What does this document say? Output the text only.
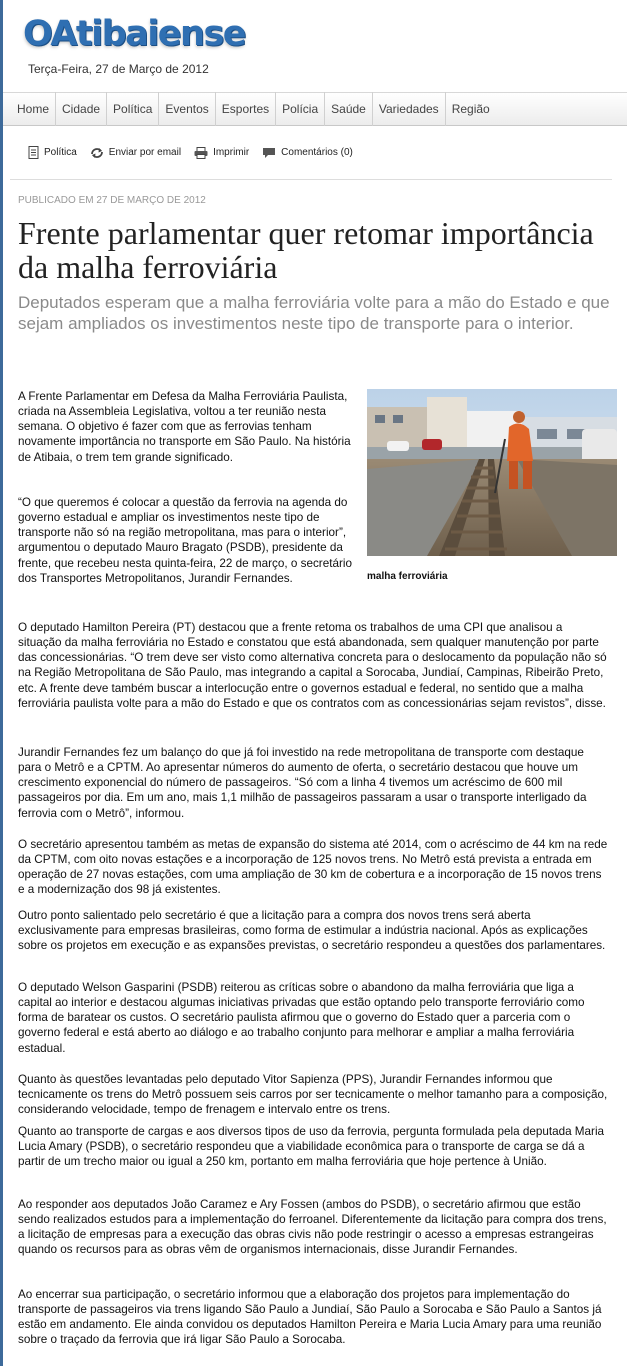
OAtibaiense
Terça-Feira, 27 de Março de 2012
Home	Cidade	Política	Eventos	Esportes	Polícia	Saúde	Variedades	Região
Política	Enviar por email	Imprimir	Comentários (0)
PUBLICADO EM 27 DE MARÇO DE 2012
Frente parlamentar quer retomar importância da malha ferroviária
Deputados esperam que a malha ferroviária volte para a mão do Estado e que sejam ampliados os investimentos neste tipo de transporte para o interior.
malha ferroviária

A Frente Parlamentar em Defesa da Malha Ferroviária Paulista, criada na Assembleia Legislativa, voltou a ter reunião nesta semana. O objetivo é fazer com que as ferrovias tenham novamente importância no transporte em São Paulo. Na história de Atibaia, o trem tem grande significado.

“O que queremos é colocar a questão da ferrovia na agenda do governo estadual e ampliar os investimentos neste tipo de transporte não só na região metropolitana, mas para o interior”, argumentou o deputado Mauro Bragato (PSDB), presidente da frente, que recebeu nesta quinta-feira, 22 de março, o secretário dos Transportes Metropolitanos, Jurandir Fernandes.

O deputado Hamilton Pereira (PT) destacou que a frente retoma os trabalhos de uma CPI que analisou a situação da malha ferroviária no Estado e constatou que está abandonada, sem qualquer manutenção por parte das concessionárias. “O trem deve ser visto como alternativa concreta para o deslocamento da população não só na Região Metropolitana de São Paulo, mas integrando a capital a Sorocaba, Jundiaí, Campinas, Ribeirão Preto, etc. A frente deve também buscar a interlocução entre o governos estadual e federal, no sentido que a malha ferroviária paulista volte para a mão do Estado e que os contratos com as concessionárias sejam revistos”, disse.

Jurandir Fernandes fez um balanço do que já foi investido na rede metropolitana de transporte com destaque para o Metrô e a CPTM. Ao apresentar números do aumento de oferta, o secretário destacou que houve um crescimento exponencial do número de passageiros. “Só com a linha 4 tivemos um acréscimo de 600 mil passageiros por dia. Em um ano, mais 1,1 milhão de passageiros passaram a usar o transporte interligado da ferrovia com o Metrô”, informou.

O secretário apresentou também as metas de expansão do sistema até 2014, com o acréscimo de 44 km na rede da CPTM, com oito novas estações e a incorporação de 125 novos trens. No Metrô está prevista a entrada em operação de 27 novas estações, com uma ampliação de 30 km de cobertura e a incorporação de 15 novos trens e a modernização dos 98 já existentes.

Outro ponto salientado pelo secretário é que a licitação para a compra dos novos trens será aberta exclusivamente para empresas brasileiras, como forma de estimular a indústria nacional. Após as explicações sobre os projetos em execução e as expansões previstas, o secretário respondeu a questões dos parlamentares.

O deputado Welson Gasparini (PSDB) reiterou as críticas sobre o abandono da malha ferroviária que liga a capital ao interior e destacou algumas iniciativas privadas que estão optando pelo transporte ferroviário como forma de baratear os custos. O secretário paulista afirmou que o governo do Estado quer a parceria com o governo federal e está aberto ao diálogo e ao trabalho conjunto para melhorar e ampliar a malha ferroviária estadual.

Quanto às questões levantadas pelo deputado Vitor Sapienza (PPS), Jurandir Fernandes informou que tecnicamente os trens do Metrô possuem seis carros por ser tecnicamente o melhor tamanho para a composição, considerando velocidade, tempo de frenagem e intervalo entre os trens.

Quanto ao transporte de cargas e aos diversos tipos de uso da ferrovia, pergunta formulada pela deputada Maria Lucia Amary (PSDB), o secretário respondeu que a viabilidade econômica para o transporte de carga se dá a partir de um trecho maior ou igual a 250 km, portanto em malha ferroviária que hoje pertence à União.

Ao responder aos deputados João Caramez e Ary Fossen (ambos do PSDB), o secretário afirmou que estão sendo realizados estudos para a implementação do ferroanel. Diferentemente da licitação para compra dos trens, a licitação de empresas para a execução das obras civis não pode restringir o acesso a empresas estrangeiras quando os recursos para as obras vêm de organismos internacionais, disse Jurandir Fernandes.

Ao encerrar sua participação, o secretário informou que a elaboração dos projetos para implementação do transporte de passageiros via trens ligando São Paulo a Jundiaí, São Paulo a Sorocaba e São Paulo a Santos já estão em andamento. Ele ainda convidou os deputados Hamilton Pereira e Maria Lucia Amary para uma reunião sobre o traçado da ferrovia que irá ligar São Paulo a Sorocaba.
